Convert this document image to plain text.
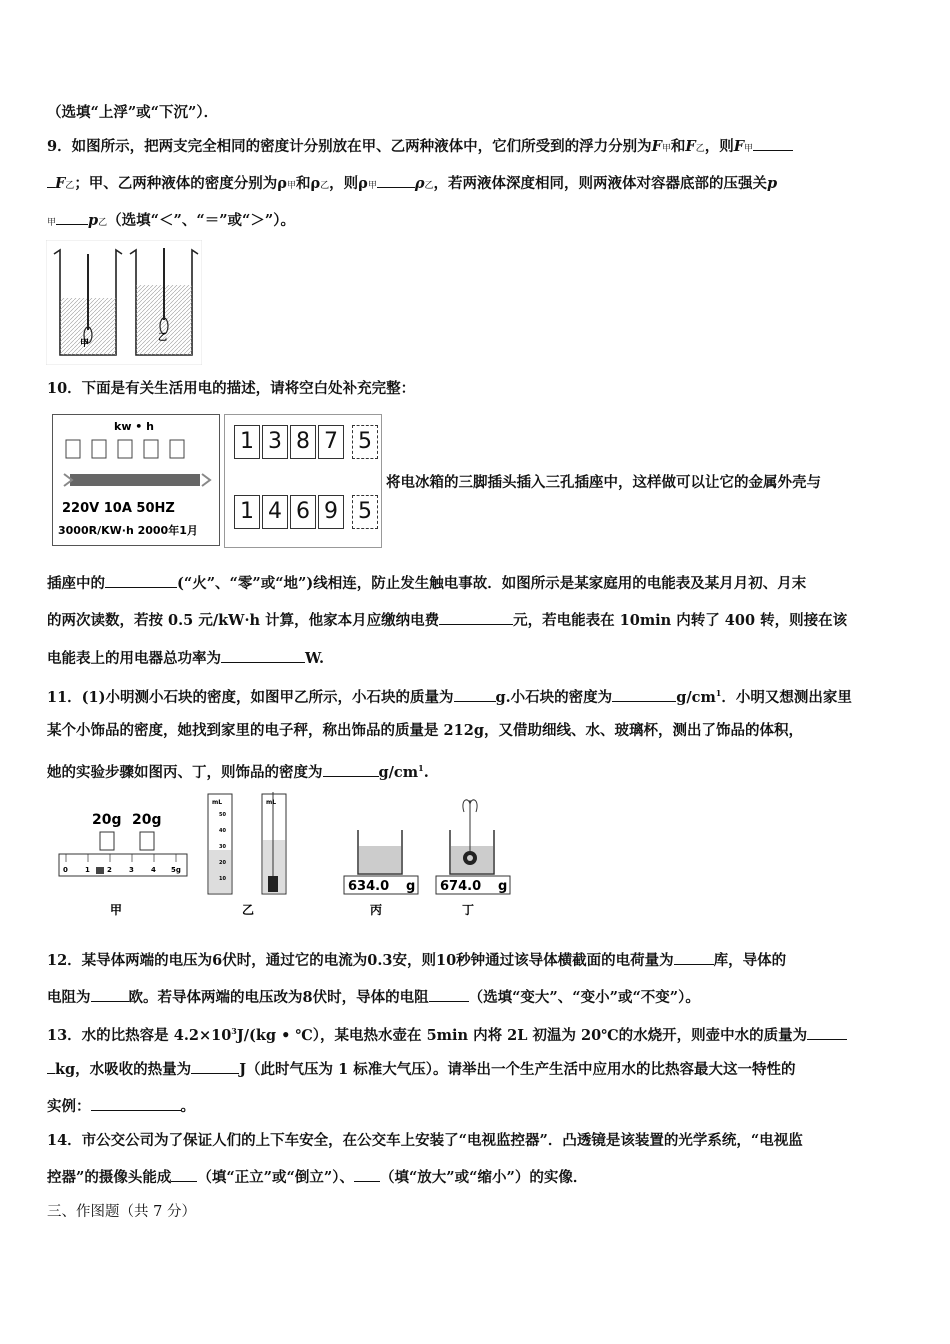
（选填“上浮”或“下沉”）．
9．如图所示，把两支完全相同的密度计分别放在甲、乙两种液体中，它们所受到的浮力分别为F甲和F乙，则F甲
F乙；甲、乙两种液体的密度分别为ρ甲和ρ乙，则ρ甲	ρ乙，若两液体深度相同，则两液体对容器底部的压强关p
甲 p乙（选填“＜”、“＝”或“＞”）。
甲
乙
10．下面是有关生活用电的描述，请将空白处补充完整：
kw • h
220V 10A 50HZ
3000R/KW·h 2000年1月
1 3 8 7 5
1 4 6 9 5
将电冰箱的三脚插头插入三孔插座中，这样做可以让它的金属外壳与
插座中的	(“火”、“零”或“地”)线相连，防止发生触电事故．如图所示是某家庭用的电能表及某月月初、月末
的两次读数，若按 0.5 元/kW·h 计算，他家本月应缴纳电费	元，若电能表在 10min 内转了 400 转，则接在该
电能表上的用电器总功率为	W.
11．(1)小明测小石块的密度，如图甲乙所示，小石块的质量为	g.小石块的密度为	$g/cm^1$．小明又想测出家里
某个小饰品的密度，她找到家里的电子秤，称出饰品的质量是 212g，又借助细线、水、玻璃杯，测出了饰品的体积，
她的实验步骤如图丙、丁，则饰品的密度为	$g/cm^1$.
20g 20g
0 1 2 3 4 5g
甲
mL
50
40
30
20
10
mL
乙
634.0 g
丙
674.0 g
丁
12．某导体两端的电压为6伏时，通过它的电流为0.3安，则10秒钟通过该导体横截面的电荷量为	库，导体的
电阻为	欧。若导体两端的电压改为8伏时，导体的电阻	（选填“变大”、“变小”或“不变”）。
13．水的比热容是 $4.2\times 10^3J/(kg$ • ℃），某电热水壶在 5min 内将 2L 初温为 20℃的水烧开，则壶中水的质量为
kg，水吸收的热量为	J（此时气压为 1 标准大气压）。请举出一个生产生活中应用水的比热容最大这一特性的
实例：	。
14．市公交公司为了保证人们的上下车安全，在公交车上安装了“电视监控器”．凸透镜是该装置的光学系统，“电视监
控器”的摄像头能成 （填“正立”或“倒立”）、 （填“放大”或“缩小”）的实像．
三、作图题（共 7 分）
